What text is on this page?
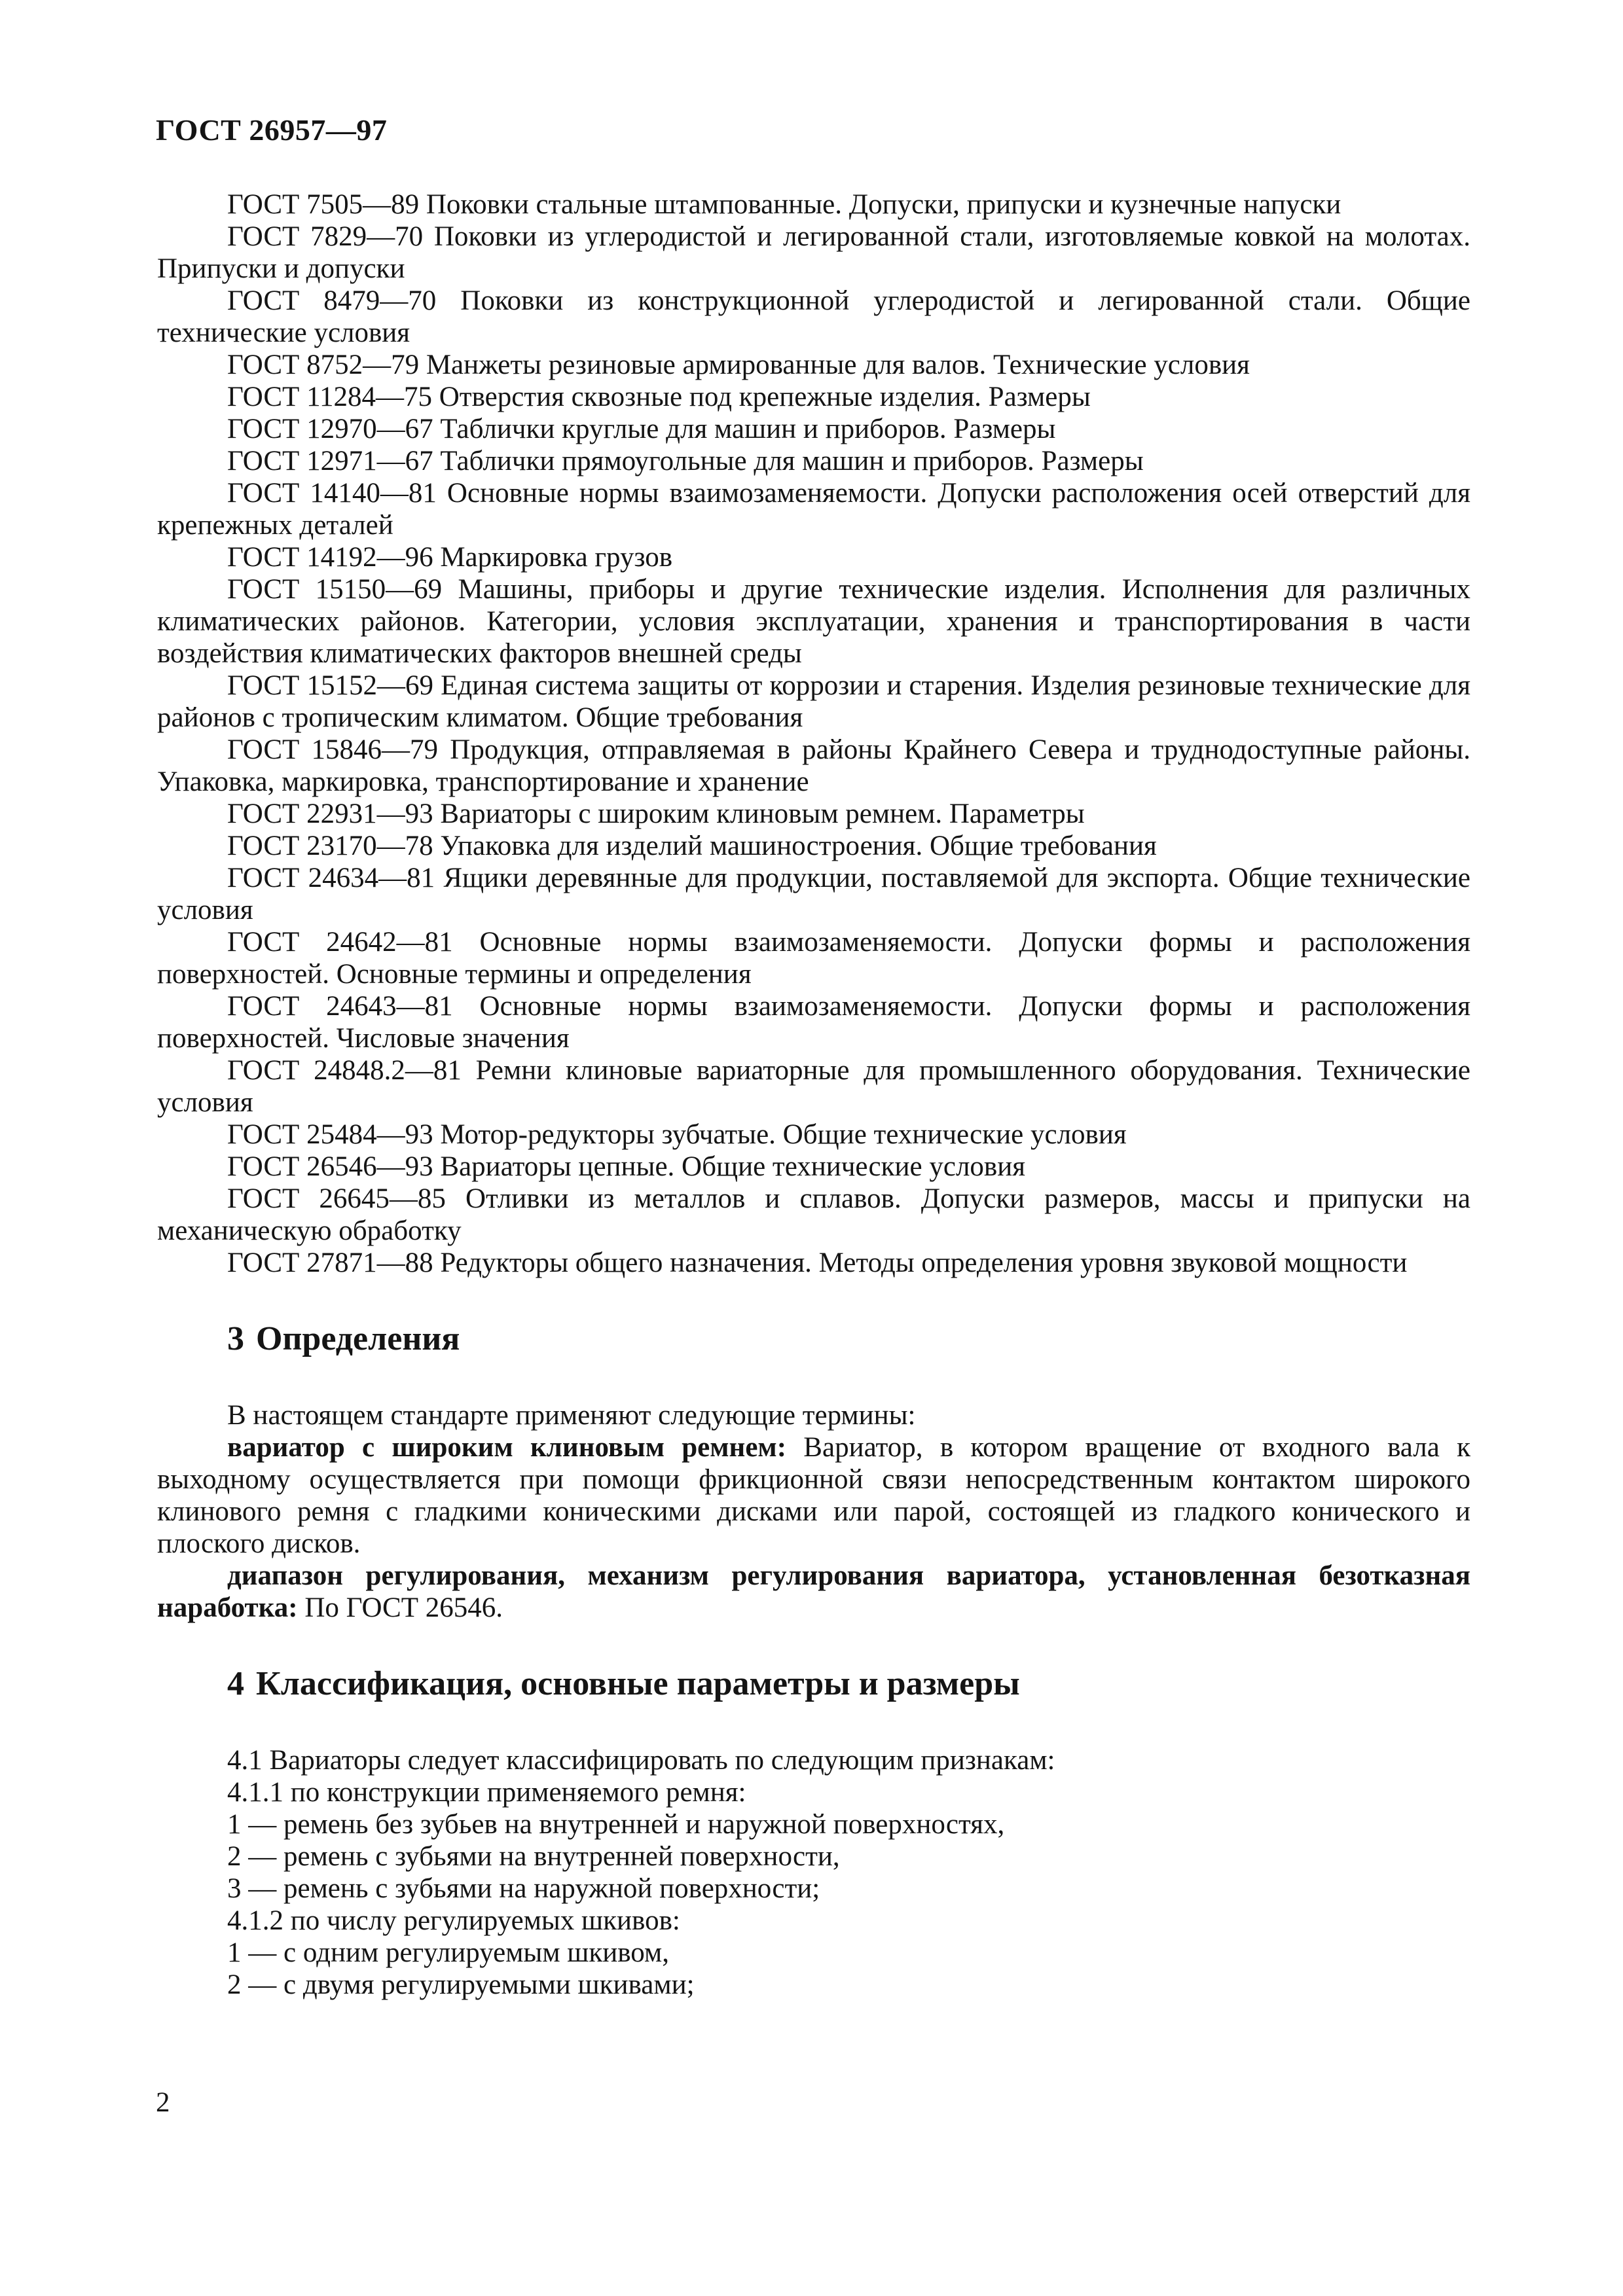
ГОСТ 26957—97

ГОСТ 7505—89 Поковки стальные штампованные. Допуски, припуски и кузнечные напуски

ГОСТ 7829—70 Поковки из углеродистой и легированной стали, изготовляемые ковкой на молотах. Припуски и допуски

ГОСТ 8479—70 Поковки из конструкционной углеродистой и легированной стали. Общие технические условия

ГОСТ 8752—79 Манжеты резиновые армированные для валов. Технические условия

ГОСТ 11284—75 Отверстия сквозные под крепежные изделия. Размеры

ГОСТ 12970—67 Таблички круглые для машин и приборов. Размеры

ГОСТ 12971—67 Таблички прямоугольные для машин и приборов. Размеры

ГОСТ 14140—81 Основные нормы взаимозаменяемости. Допуски расположения осей отверстий для крепежных деталей

ГОСТ 14192—96 Маркировка грузов

ГОСТ 15150—69 Машины, приборы и другие технические изделия. Исполнения для различных климатических районов. Категории, условия эксплуатации, хранения и транспортирования в части воздействия климатических факторов внешней среды

ГОСТ 15152—69 Единая система защиты от коррозии и старения. Изделия резиновые технические для районов с тропическим климатом. Общие требования

ГОСТ 15846—79 Продукция, отправляемая в районы Крайнего Севера и труднодоступные районы. Упаковка, маркировка, транспортирование и хранение

ГОСТ 22931—93 Вариаторы с широким клиновым ремнем. Параметры

ГОСТ 23170—78 Упаковка для изделий машиностроения. Общие требования

ГОСТ 24634—81 Ящики деревянные для продукции, поставляемой для экспорта. Общие технические условия

ГОСТ 24642—81 Основные нормы взаимозаменяемости. Допуски формы и расположения поверхностей. Основные термины и определения

ГОСТ 24643—81 Основные нормы взаимозаменяемости. Допуски формы и расположения поверхностей. Числовые значения

ГОСТ 24848.2—81 Ремни клиновые вариаторные для промышленного оборудования. Технические условия

ГОСТ 25484—93 Мотор-редукторы зубчатые. Общие технические условия

ГОСТ 26546—93 Вариаторы цепные. Общие технические условия

ГОСТ 26645—85 Отливки из металлов и сплавов. Допуски размеров, массы и припуски на механическую обработку

ГОСТ 27871—88 Редукторы общего назначения. Методы определения уровня звуковой мощности

3 Определения

В настоящем стандарте применяют следующие термины:

вариатор с широким клиновым ремнем: Вариатор, в котором вращение от входного вала к выходному осуществляется при помощи фрикционной связи непосредственным контактом широкого клинового ремня с гладкими коническими дисками или парой, состоящей из гладкого конического и плоского дисков.

диапазон регулирования, механизм регулирования вариатора, установленная безотказная наработка: По ГОСТ 26546.

4 Классификация, основные параметры и размеры

4.1 Вариаторы следует классифицировать по следующим признакам:

4.1.1 по конструкции применяемого ремня:

1 — ремень без зубьев на внутренней и наружной поверхностях,

2 — ремень с зубьями на внутренней поверхности,

3 — ремень с зубьями на наружной поверхности;

4.1.2 по числу регулируемых шкивов:

1 — с одним регулируемым шкивом,

2 — с двумя регулируемыми шкивами;

2
